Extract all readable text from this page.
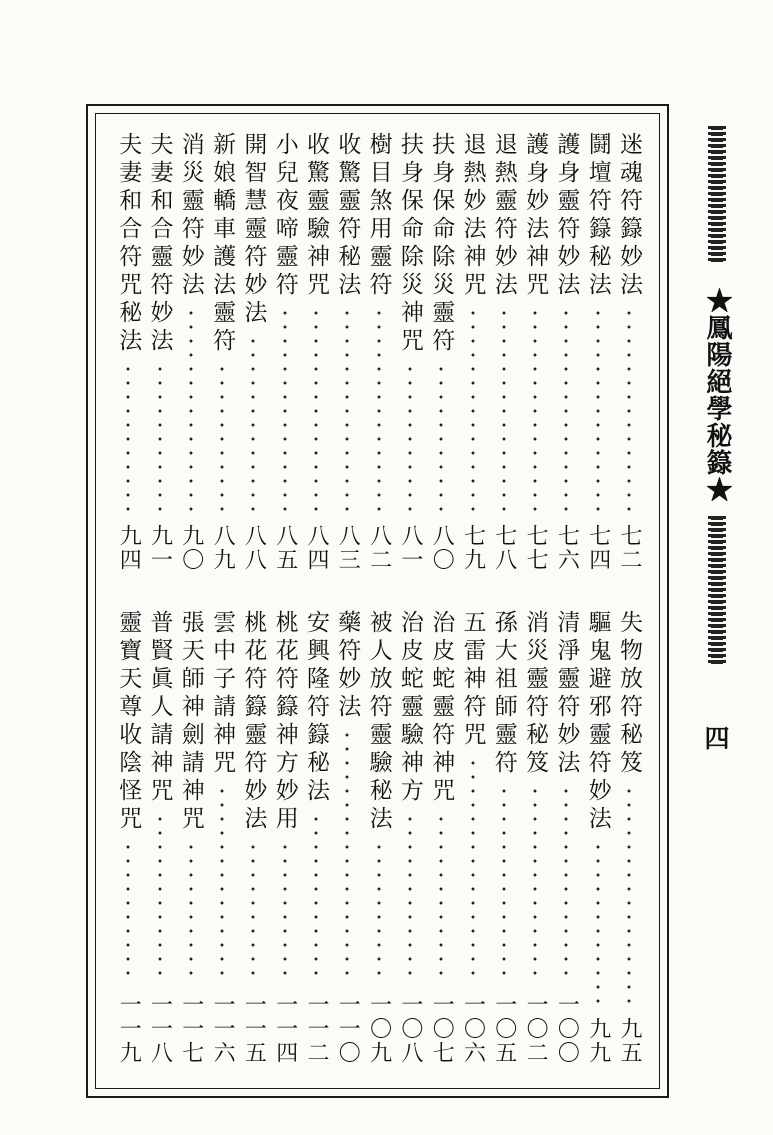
迷魂符籙妙法
七二
鬪壇符籙秘法
七四
護身靈符妙法
七六
護身妙法神咒
七七
退熱靈符妙法
七八
退熱妙法神咒
七九
扶身保命除災靈符
八〇
扶身保命除災神咒
八一
樹目煞用靈符
八二
收驚靈符秘法
八三
收驚靈驗神咒
八四
小兒夜啼靈符
八五
開智慧靈符妙法
八八
新娘轎車護法靈符
八九
消災靈符妙法
九〇
夫妻和合靈符妙法
九一
夫妻和合符咒秘法
九四
失物放符秘笈
九五
驅鬼避邪靈符妙法
九九
清淨靈符妙法
一〇〇
消災靈符秘笈
一〇二
孫大祖師靈符
一〇五
五雷神符咒
一〇六
治皮蛇靈符神咒
一〇七
治皮蛇靈驗神方
一〇八
被人放符靈驗秘法
一〇九
藥符妙法
一一〇
安興隆符籙秘法
一一二
桃花符籙神方妙用
一一四
桃花符籙靈符妙法
一一五
雲中子請神咒
一一六
張天師神劍請神咒
一一七
普賢眞人請神咒
一一八
靈寶天尊收陰怪咒
一一九
★鳳陽絕學秘籙★
四
